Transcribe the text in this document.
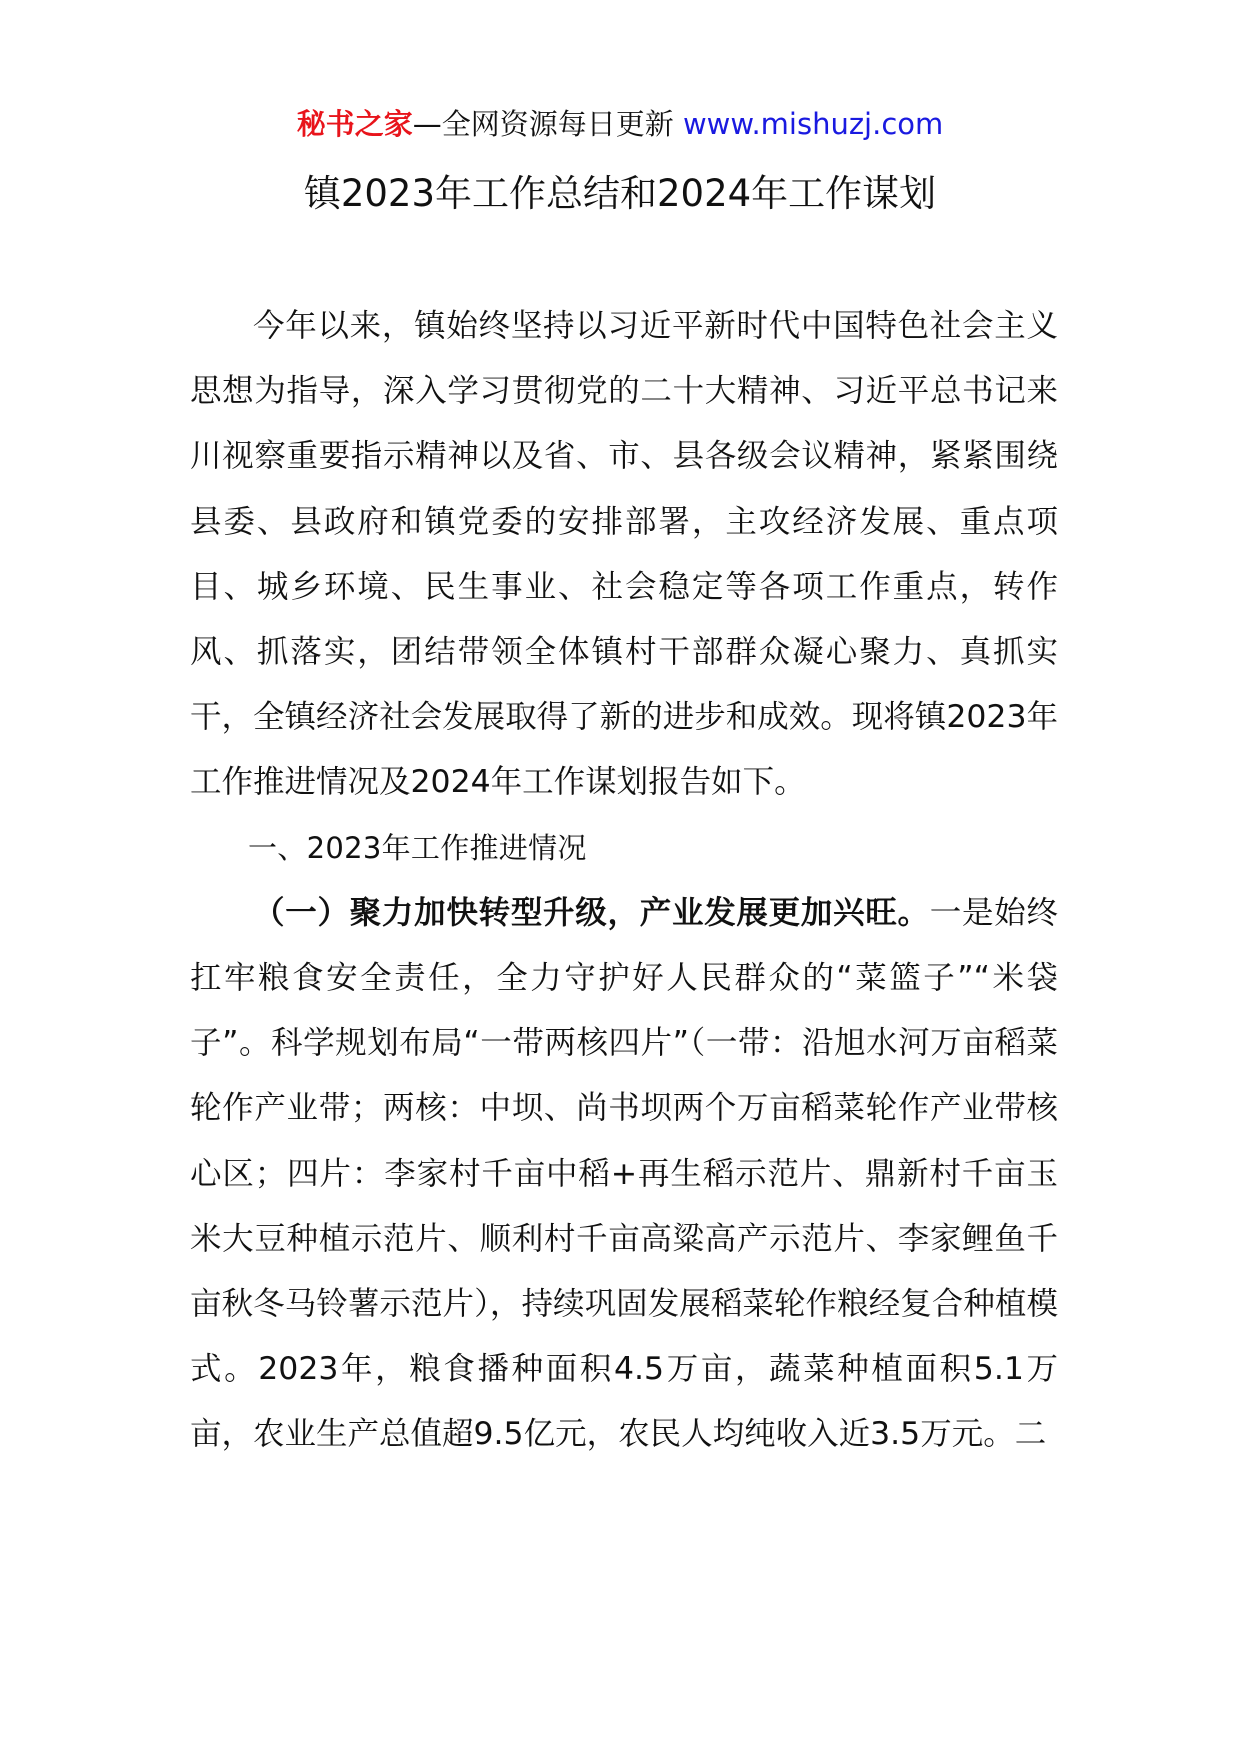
秘书之家—全网资源每日更新 www.mishuzj.com
镇2023年工作总结和2024年工作谋划

今年以来，镇始终坚持以习近平新时代中国特色社会主义思想为指导，深入学习贯彻党的二十大精神、习近平总书记来川视察重要指示精神以及省、市、县各级会议精神，紧紧围绕县委、县政府和镇党委的安排部署，主攻经济发展、重点项目、城乡环境、民生事业、社会稳定等各项工作重点，转作风、抓落实，团结带领全体镇村干部群众凝心聚力、真抓实干，全镇经济社会发展取得了新的进步和成效。现将镇2023年工作推进情况及2024年工作谋划报告如下。

一、2023年工作推进情况

（一）聚力加快转型升级，产业发展更加兴旺。一是始终扛牢粮食安全责任，全力守护好人民群众的“菜篮子”“米袋子”。科学规划布局“一带两核四片”（一带：沿旭水河万亩稻菜轮作产业带；两核：中坝、尚书坝两个万亩稻菜轮作产业带核心区；四片：李家村千亩中稻+再生稻示范片、鼎新村千亩玉米大豆种植示范片、顺利村千亩高粱高产示范片、李家鲤鱼千亩秋冬马铃薯示范片），持续巩固发展稻菜轮作粮经复合种植模式。2023年，粮食播种面积4.5万亩，蔬菜种植面积5.1万亩，农业生产总值超9.5亿元，农民人均纯收入近3.5万元。二
